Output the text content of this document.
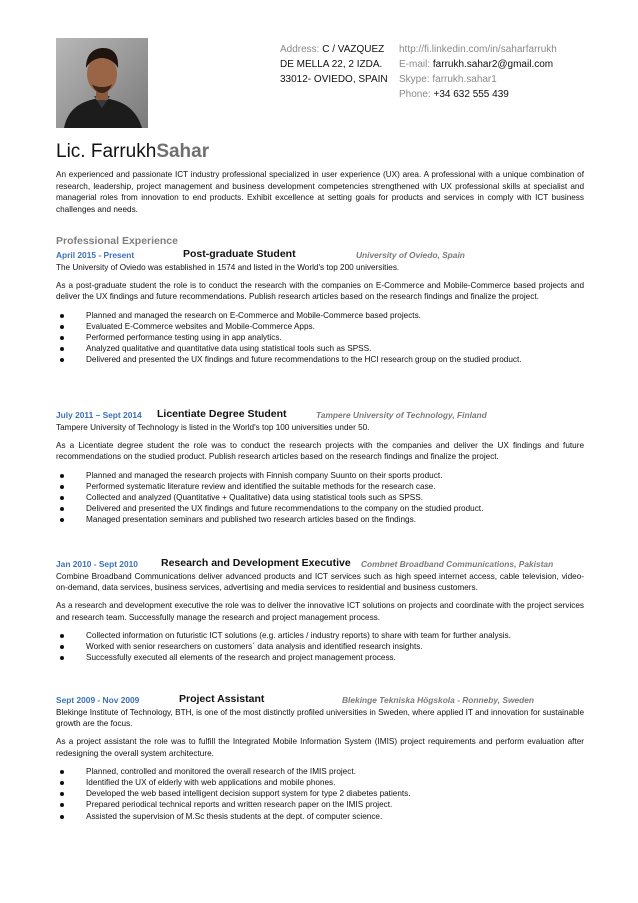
Address: C / VAZQUEZ
DE MELLA 22, 2 IZDA.
33012- OVIEDO, SPAIN
http://fi.linkedin.com/in/saharfarrukh
E-mail: farrukh.sahar2@gmail.com
Skype: farrukh.sahar1
Phone: +34 632 555 439
Lic. FarrukhSahar

An experienced and passionate ICT industry professional specialized in user experience (UX) area. A professional with a unique combination of research, leadership, project management and business development competencies strengthened with UX professional skills at specialist and managerial roles from innovation to end products. Exhibit excellence at setting goals for products and services in comply with ICT business challenges and needs.

Professional Experience
April 2015 - Present	Post-graduate Student	University of Oviedo, Spain

The University of Oviedo was established in 1574 and listed in the World's top 200 universities.

As a post-graduate student the role is to conduct the research with the companies on E-Commerce and Mobile-Commerce based projects and deliver the UX findings and future recommendations. Publish research articles based on the research findings and finalize the project.

Planned and managed the research on E-Commerce and Mobile-Commerce based projects.
Evaluated E-Commerce websites and Mobile-Commerce Apps.
Performed performance testing using in app analytics.
Analyzed qualitative and quantitative data using statistical tools such as SPSS.
Delivered and presented the UX findings and future recommendations to the HCI research group on the studied product.
July 2011 – Sept 2014 Licentiate Degree Student	Tampere University of Technology, Finland

Tampere University of Technology is listed in the World's top 100 universities under 50.

As a Licentiate degree student the role was to conduct the research projects with the companies and deliver the UX findings and future recommendations on the studied product. Publish research articles based on the research findings and finalize the project.

Planned and managed the research projects with Finnish company Suunto on their sports product.
Performed systematic literature review and identified the suitable methods for the research case.
Collected and analyzed (Quantitative + Qualitative) data using statistical tools such as SPSS.
Delivered and presented the UX findings and future recommendations to the company on the studied product.
Managed presentation seminars and published two research articles based on the findings.
Jan 2010 - Sept 2010 Research and Development Executive Combnet Broadband Communications, Pakistan

Combine Broadband Communications deliver advanced products and ICT services such as high speed internet access, cable television, video-on-demand, data services, business services, advertising and media services to residential and business customers.

As a research and development executive the role was to deliver the innovative ICT solutions on projects and coordinate with the project services and research team. Successfully manage the research and project management process.

Collected information on futuristic ICT solutions (e.g. articles / industry reports) to share with team for further analysis.
Worked with senior researchers on customers´ data analysis and identified research insights.
Successfully executed all elements of the research and project management process.
Sept 2009 - Nov 2009	Project Assistant	Blekinge Tekniska Högskola - Ronneby, Sweden

Blekinge Institute of Technology, BTH, is one of the most distinctly profiled universities in Sweden, where applied IT and innovation for sustainable growth are the focus.

As a project assistant the role was to fulfill the Integrated Mobile Information System (IMIS) project requirements and perform evaluation after redesigning the overall system architecture.

Planned, controlled and monitored the overall research of the IMIS project.
Identified the UX of elderly with web applications and mobile phones.
Developed the web based intelligent decision support system for type 2 diabetes patients.
Prepared periodical technical reports and written research paper on the IMIS project.
Assisted the supervision of M.Sc thesis students at the dept. of computer science.
